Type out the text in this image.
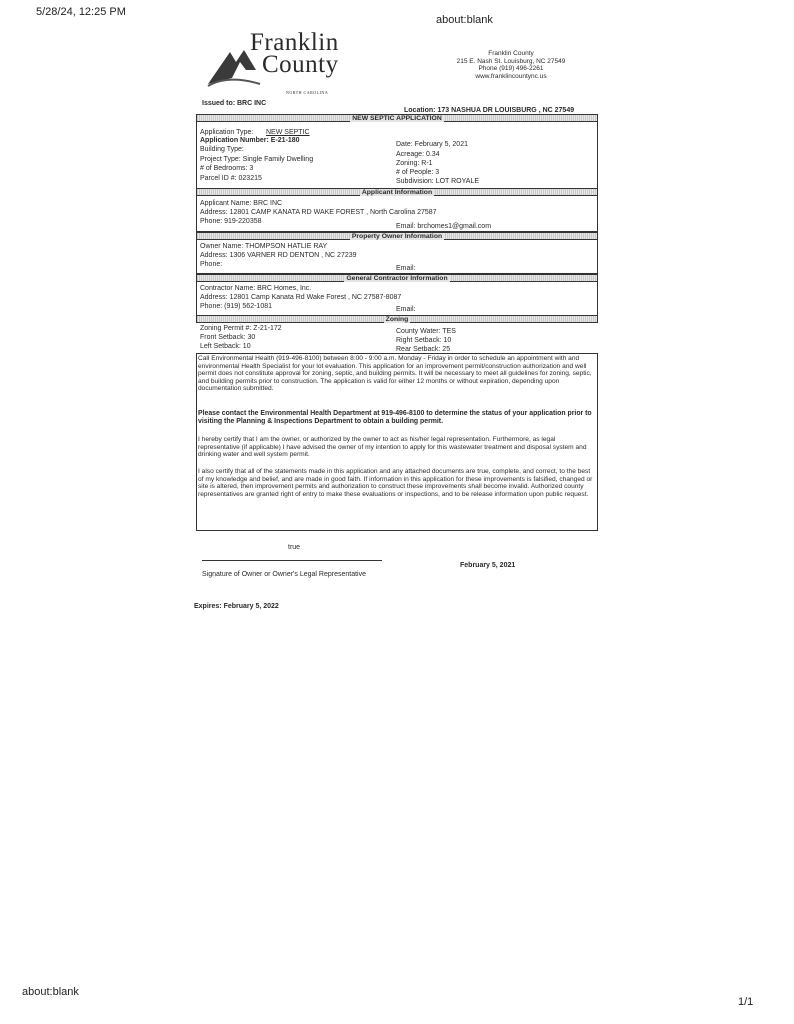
5/28/24, 12:25 PM
about:blank
about:blank
1/1
Franklin
County
NORTH CAROLINA
Franklin County
215 E. Nash St. Louisburg, NC 27549
Phone (919) 496-2261
www.franklincountync.us
Issued to: BRC INC
Location: 173 NASHUA DR LOUISBURG , NC 27549
NEW SEPTIC APPLICATION
Application Type: NEW SEPTIC
Application Number: E-21-180
Building Type:
Project Type: Single Family Dwelling
# of Bedrooms: 3
Parcel ID #: 023215
Date: February 5, 2021
Acreage: 0.34
Zoning: R-1
# of People: 3
Subdivision: LOT ROYALE
Applicant Information
Applicant Name: BRC INC
Address: 12801 CAMP KANATA RD WAKE FOREST , North Carolina 27587
Phone: 919-220358
Email: brchomes1@gmail.com
Property Owner Information
Owner Name: THOMPSON HATLIE RAY
Address: 1306 VARNER RD DENTON , NC 27239
Phone:
Email:
General Contractor Information
Contractor Name: BRC Homes, Inc.
Address: 12801 Camp Kanata Rd Wake Forest , NC 27587-8087
Phone: (919) 562-1081	Email:
Zoning
Zoning Permit #: Z-21-172
Front Setback: 30
Left Setback: 10
County Water: TES
Right Setback: 10
Rear Setback: 25
Call Environmental Health (919-496-8100) between 8:00 - 9:00 a.m. Monday - Friday in order to schedule an appointment with and environmental Health Specialist for your lot evaluation. This application for an improvement permit/construction authorization and well permit does not constitute approval for zoning, septic, and building permits. It will be necessary to meet all guidelines for zoning, septic, and building permits prior to construction. The application is valid for either 12 months or without expiration, depending upon documentation submitted.
Please contact the Environmental Health Department at 919-496-8100 to determine the status of your application prior to visiting the Planning & Inspections Department to obtain a building permit.
I hereby certify that I am the owner, or authorized by the owner to act as his/her legal representation. Furthermore, as legal representative (if applicable) I have advised the owner of my intention to apply for this wastewater treatment and disposal system and drinking water and well system permit.
I also certify that all of the statements made in this application and any attached documents are true, complete, and correct, to the best of my knowledge and belief, and are made in good faith. If information in this application for these improvements is falsified, changed or site is altered, then improvement permits and authorization to construct these improvements shall become invalid. Authorized county representatives are granted right of entry to make these evaluations or inspections, and to be release information upon public request.
true
Signature of Owner or Owner's Legal Representative
February 5, 2021
Expires: February 5, 2022
